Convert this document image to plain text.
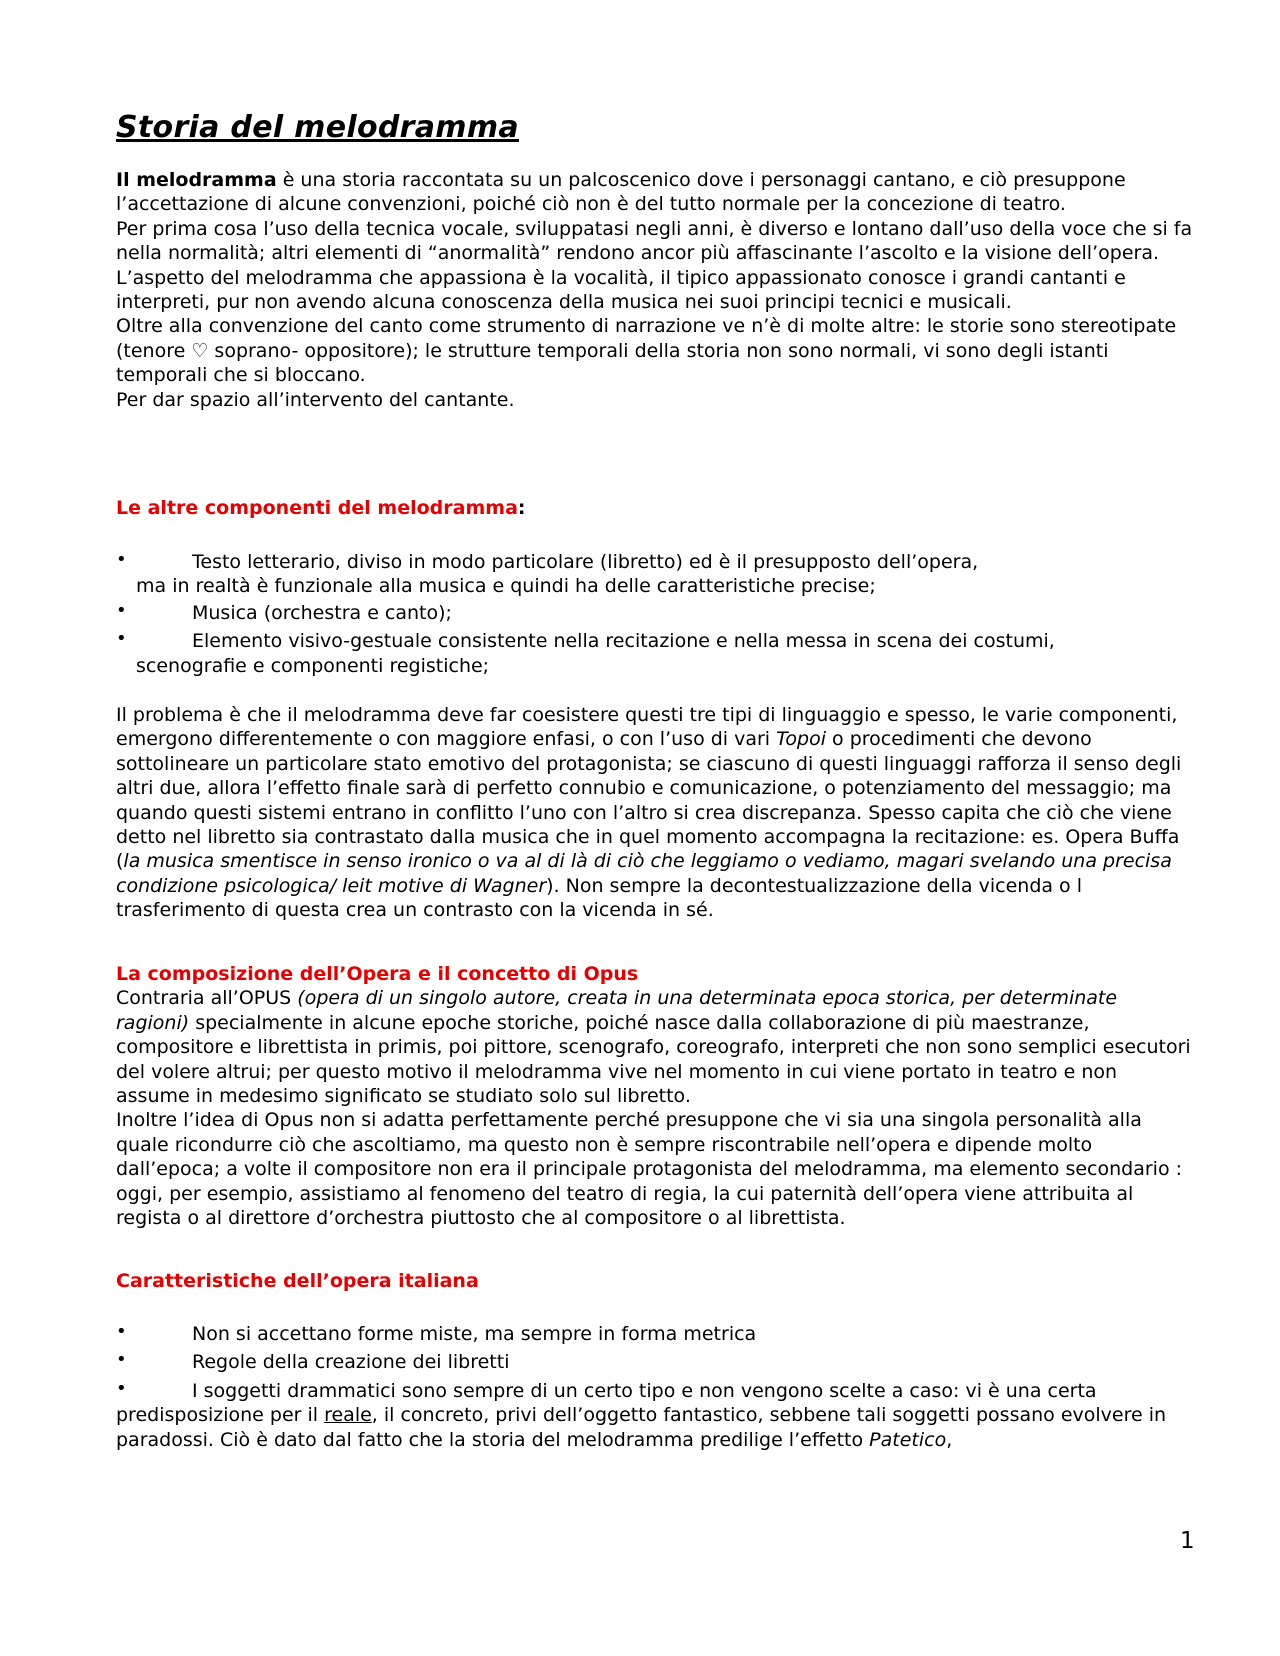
Storia del melodramma

Il melodramma è una storia raccontata su un palcoscenico dove i personaggi cantano, e ciò presuppone l’accettazione di alcune convenzioni, poiché ciò non è del tutto normale per la concezione di teatro.

Per prima cosa l’uso della tecnica vocale, sviluppatasi negli anni, è diverso e lontano dall’uso della voce che si fa nella normalità; altri elementi di “anormalità” rendono ancor più affascinante l’ascolto e la visione dell’opera.

L’aspetto del melodramma che appassiona è la vocalità, il tipico appassionato conosce i grandi cantanti e interpreti, pur non avendo alcuna conoscenza della musica nei suoi principi tecnici e musicali.

Oltre alla convenzione del canto come strumento di narrazione ve n’è di molte altre: le storie sono stereotipate (tenore ♡ soprano- oppositore); le strutture temporali della storia non sono normali, vi sono degli istanti temporali che si bloccano.

Per dar spazio all’intervento del cantante.

Le altre componenti del melodramma:

•	Testo letterario, diviso in modo particolare (libretto) ed è il presupposto dell’opera,
ma in realtà è funzionale alla musica e quindi ha delle caratteristiche precise;
•	Musica (orchestra e canto);
•	Elemento visivo-gestuale consistente nella recitazione e nella messa in scena dei costumi,
scenografie e componenti registiche;

Il problema è che il melodramma deve far coesistere questi tre tipi di linguaggio e spesso, le varie componenti, emergono differentemente o con maggiore enfasi, o con l’uso di vari Topoi o procedimenti che devono sottolineare un particolare stato emotivo del protagonista; se ciascuno di questi linguaggi rafforza il senso degli altri due, allora l’effetto finale sarà di perfetto connubio e comunicazione, o potenziamento del messaggio; ma quando questi sistemi entrano in conflitto l’uno con l’altro si crea discrepanza. Spesso capita che ciò che viene detto nel libretto sia contrastato dalla musica che in quel momento accompagna la recitazione: es. Opera Buffa (la musica smentisce in senso ironico o va al di là di ciò che leggiamo o vediamo, magari svelando una precisa condizione psicologica/ leit motive di Wagner). Non sempre la decontestualizzazione della vicenda o l trasferimento di questa crea un contrasto con la vicenda in sé.

La composizione dell’Opera e il concetto di Opus

Contraria all’OPUS (opera di un singolo autore, creata in una determinata epoca storica, per determinate ragioni) specialmente in alcune epoche storiche, poiché nasce dalla collaborazione di più maestranze, compositore e librettista in primis, poi pittore, scenografo, coreografo, interpreti che non sono semplici esecutori del volere altrui; per questo motivo il melodramma vive nel momento in cui viene portato in teatro e non assume in medesimo significato se studiato solo sul libretto.

Inoltre l’idea di Opus non si adatta perfettamente perché presuppone che vi sia una singola personalità alla quale ricondurre ciò che ascoltiamo, ma questo non è sempre riscontrabile nell’opera e dipende molto dall’epoca; a volte il compositore non era il principale protagonista del melodramma, ma elemento secondario : oggi, per esempio, assistiamo al fenomeno del teatro di regia, la cui paternità dell’opera viene attribuita al regista o al direttore d’orchestra piuttosto che al compositore o al librettista.

Caratteristiche dell’opera italiana

•	Non si accettano forme miste, ma sempre in forma metrica
•	Regole della creazione dei libretti
•	I soggetti drammatici sono sempre di un certo tipo e non vengono scelte a caso: vi è una certa predisposizione per il reale, il concreto, privi dell’oggetto fantastico, sebbene tali soggetti possano evolvere in paradossi. Ciò è dato dal fatto che la storia del melodramma predilige l’effetto Patetico,

1
